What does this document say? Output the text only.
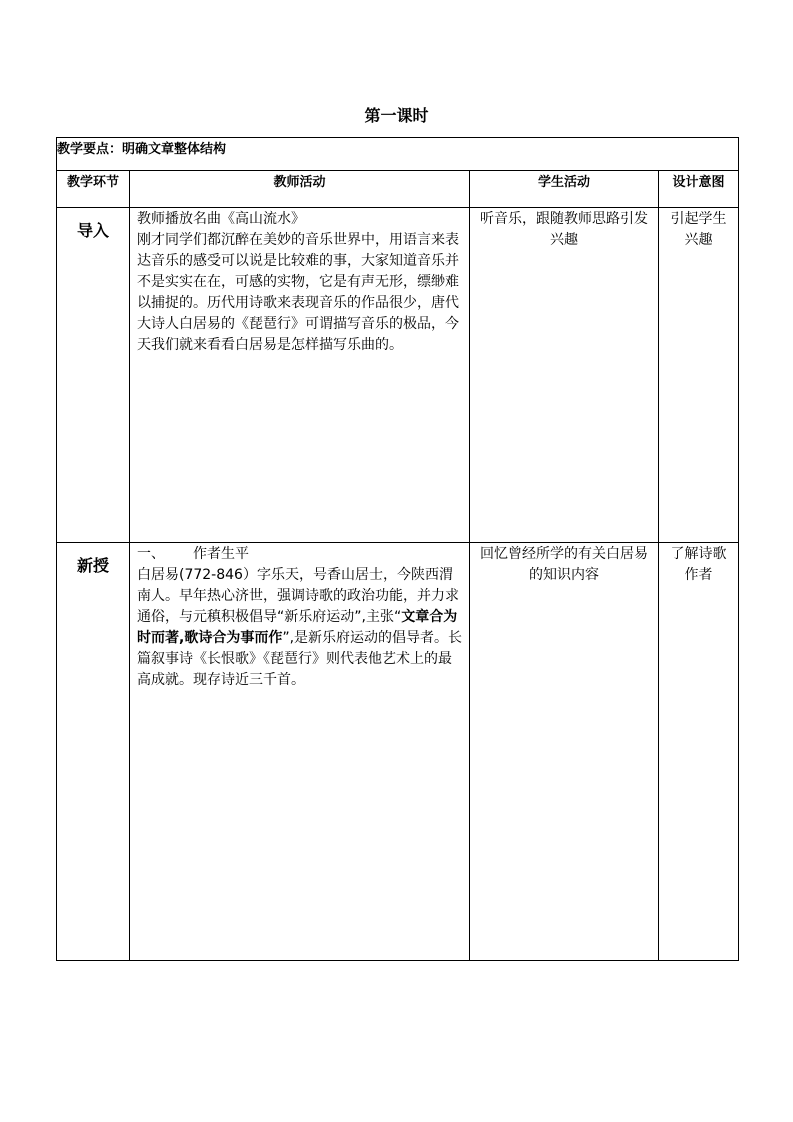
第一课时
教学要点：明确文章整体结构			
教学环节	教师活动	学生活动	设计意图
导入	教师播放名曲《高山流水》

刚才同学们都沉醉在美妙的音乐世界中，用语言来表达音乐的感受可以说是比较难的事，大家知道音乐并不是实实在在，可感的实物，它是有声无形，缥缈难以捕捉的。历代用诗歌来表现音乐的作品很少，唐代大诗人白居易的《琵琶行》可谓描写音乐的极品，今天我们就来看看白居易是怎样描写乐曲的。	听音乐，跟随教师思路引发兴趣	引起学生兴趣
新授	一、 作者生平

白居易(772-846）字乐天，号香山居士，今陕西渭南人。早年热心济世，强调诗歌的政治功能，并力求通俗，与元稹积极倡导“新乐府运动”,主张“文章合为时而著,歌诗合为事而作”,是新乐府运动的倡导者。长篇叙事诗《长恨歌》《琵琶行》则代表他艺术上的最高成就。现存诗近三千首。	回忆曾经所学的有关白居易的知识内容	了解诗歌作者
